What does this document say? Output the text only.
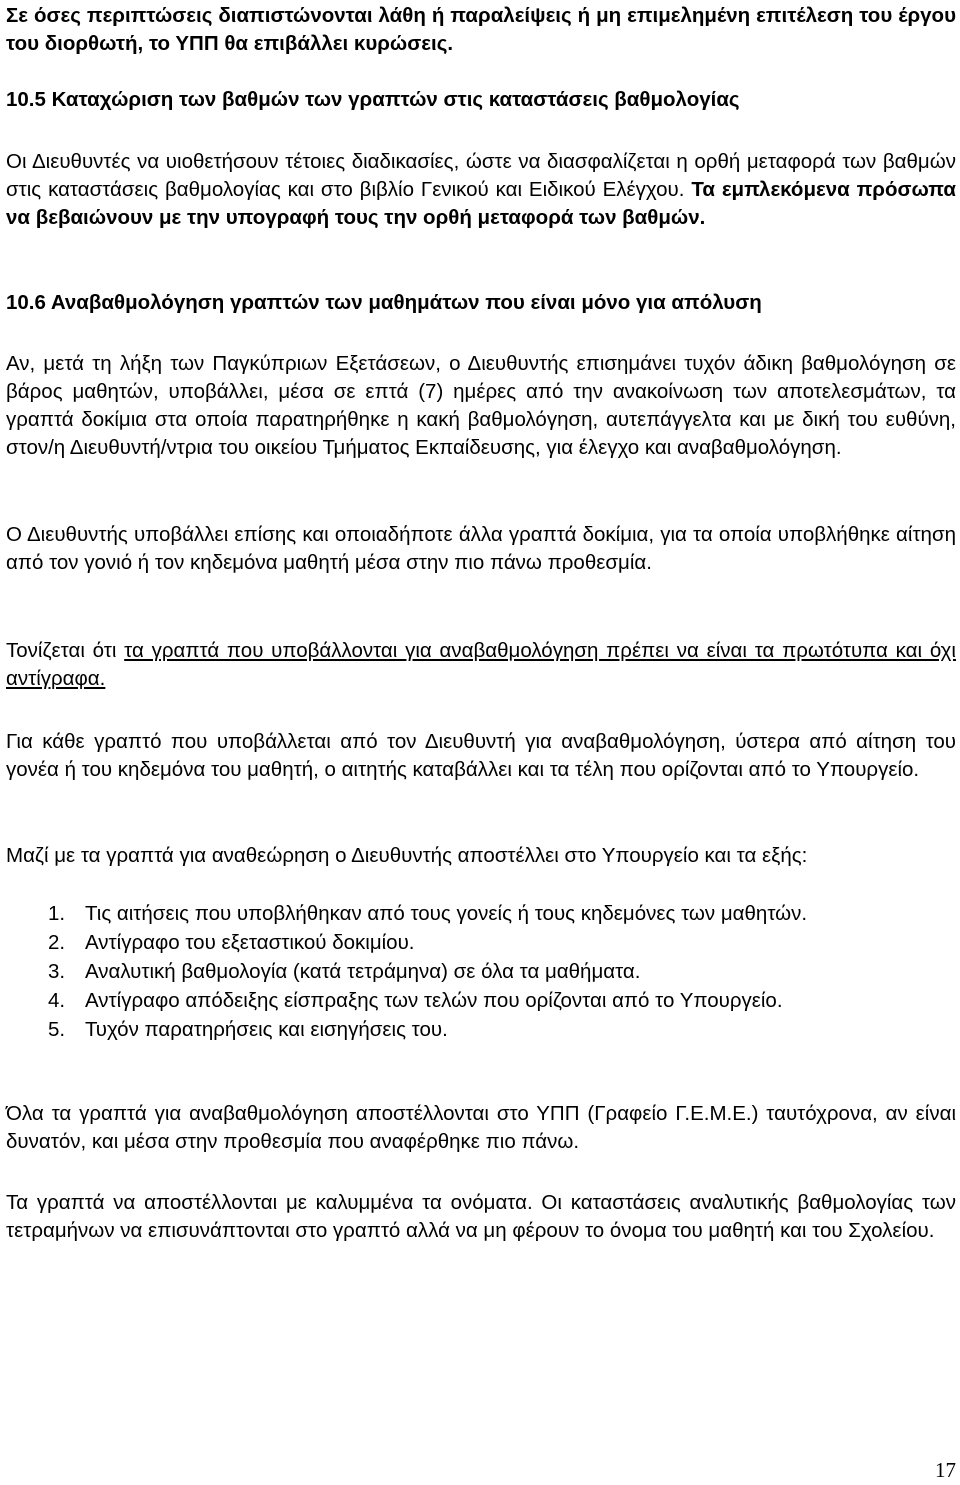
Σε όσες περιπτώσεις διαπιστώνονται λάθη ή παραλείψεις ή μη επιμελημένη επιτέλεση του έργου του διορθωτή, το ΥΠΠ θα επιβάλλει κυρώσεις.

10.5 Καταχώριση των βαθμών των γραπτών στις καταστάσεις βαθμολογίας

Οι Διευθυντές να υιοθετήσουν τέτοιες διαδικασίες, ώστε να διασφαλίζεται η ορθή μεταφορά των βαθμών στις καταστάσεις βαθμολογίας και στο βιβλίο Γενικού και Ειδικού Ελέγχου. Τα εμπλεκόμενα πρόσωπα να βεβαιώνουν με την υπογραφή τους την ορθή μεταφορά των βαθμών.

10.6 Αναβαθμολόγηση γραπτών των μαθημάτων που είναι μόνο για απόλυση

Αν, μετά τη λήξη των Παγκύπριων Εξετάσεων, ο Διευθυντής επισημάνει τυχόν άδικη βαθμολόγηση σε βάρος μαθητών, υποβάλλει, μέσα σε επτά (7) ημέρες από την ανακοίνωση των αποτελεσμάτων, τα γραπτά δοκίμια στα οποία παρατηρήθηκε η κακή βαθμολόγηση, αυτεπάγγελτα και με δική του ευθύνη, στον/η Διευθυντή/ντρια του οικείου Τμήματος Εκπαίδευσης, για έλεγχο και αναβαθμολόγηση.

Ο Διευθυντής υποβάλλει επίσης και οποιαδήποτε άλλα γραπτά δοκίμια, για τα οποία υποβλήθηκε αίτηση από τον γονιό ή τον κηδεμόνα μαθητή μέσα στην πιο πάνω προθεσμία.

Τονίζεται ότι τα γραπτά που υποβάλλονται για αναβαθμολόγηση πρέπει να είναι τα πρωτότυπα και όχι αντίγραφα.

Για κάθε γραπτό που υποβάλλεται από τον Διευθυντή για αναβαθμολόγηση, ύστερα από αίτηση του γονέα ή του κηδεμόνα του μαθητή, ο αιτητής καταβάλλει και τα τέλη που ορίζονται από το Υπουργείο.

Μαζί με τα γραπτά για αναθεώρηση ο Διευθυντής αποστέλλει στο Υπουργείο και τα εξής:

1. Τις αιτήσεις που υποβλήθηκαν από τους γονείς ή τους κηδεμόνες των μαθητών.
2. Αντίγραφο του εξεταστικού δοκιμίου.
3. Αναλυτική βαθμολογία (κατά τετράμηνα) σε όλα τα μαθήματα.
4. Αντίγραφο απόδειξης είσπραξης των τελών που ορίζονται από το Υπουργείο.
5. Τυχόν παρατηρήσεις και εισηγήσεις του.

Όλα τα γραπτά για αναβαθμολόγηση αποστέλλονται στο ΥΠΠ (Γραφείο Γ.Ε.Μ.Ε.) ταυτόχρονα, αν είναι δυνατόν, και μέσα στην προθεσμία που αναφέρθηκε πιο πάνω.

Τα γραπτά να αποστέλλονται με καλυμμένα τα ονόματα. Οι καταστάσεις αναλυτικής βαθμολογίας των τετραμήνων να επισυνάπτονται στο γραπτό αλλά να μη φέρουν το όνομα του μαθητή και του Σχολείου.

17
